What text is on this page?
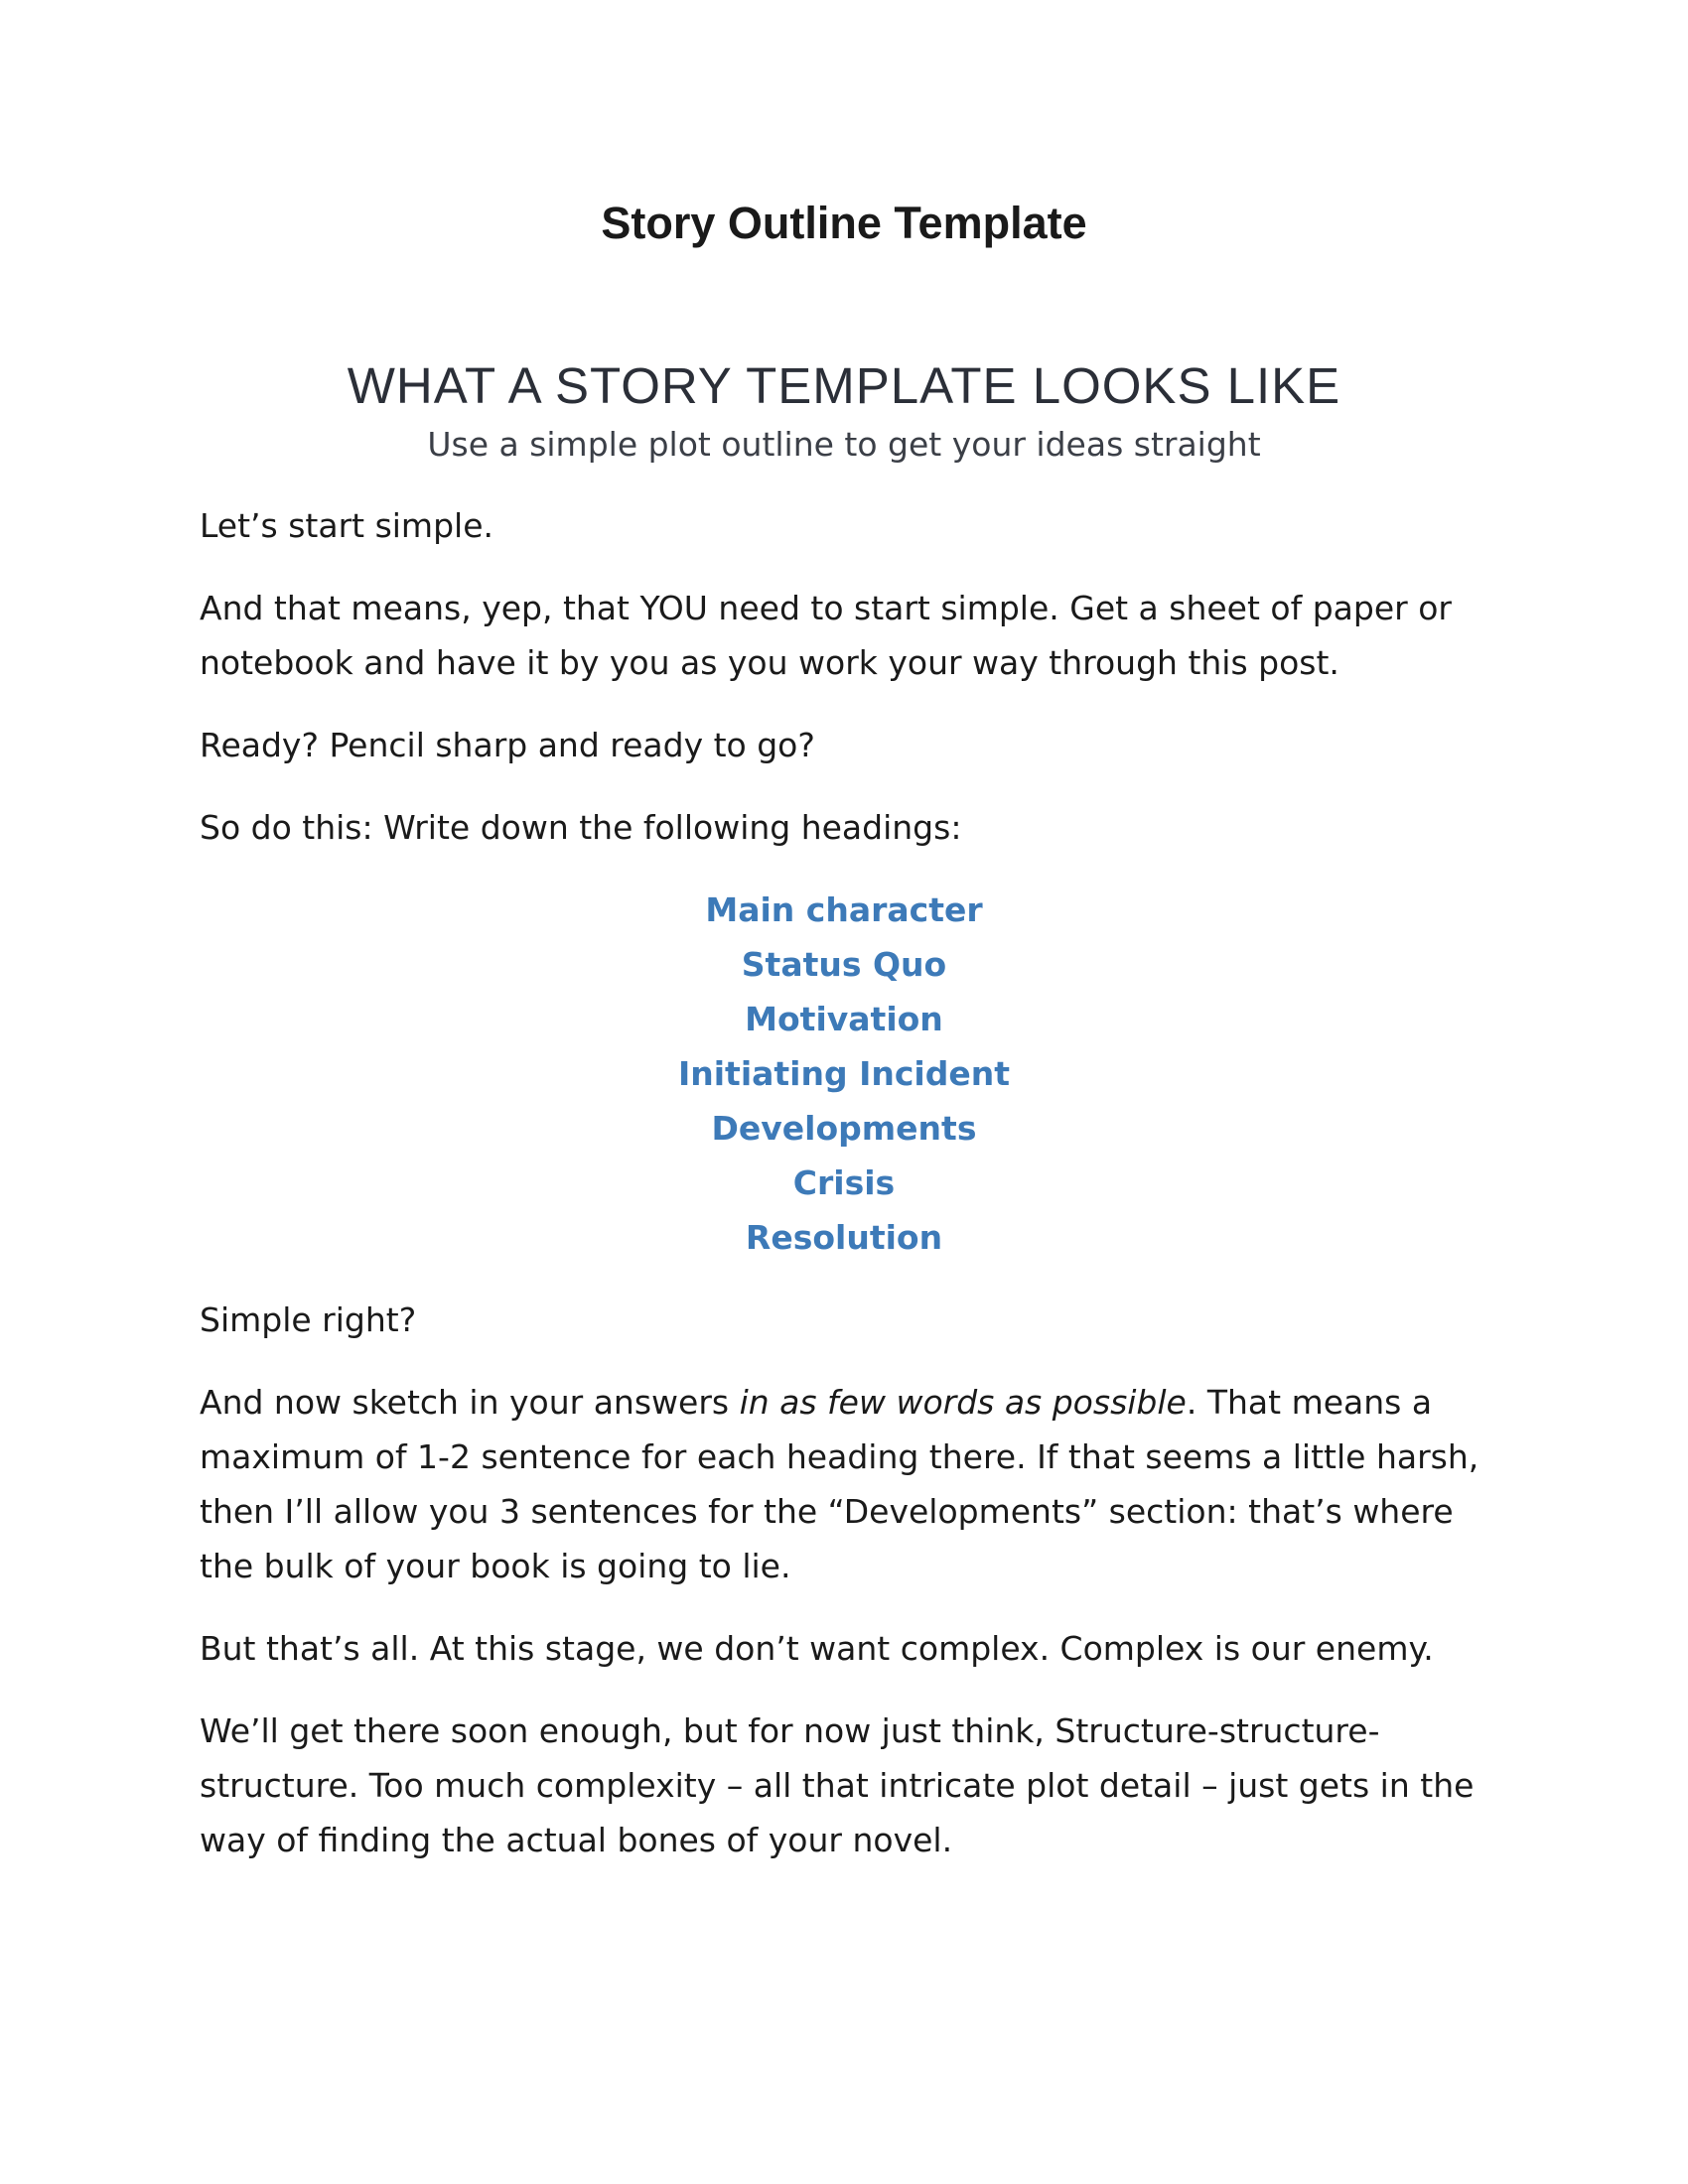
Story Outline Template
WHAT A STORY TEMPLATE LOOKS LIKE

Use a simple plot outline to get your ideas straight

Let’s start simple.

And that means, yep, that YOU need to start simple. Get a sheet of paper or notebook and have it by you as you work your way through this post.

Ready? Pencil sharp and ready to go?

So do this: Write down the following headings:

Main character
Status Quo
Motivation
Initiating Incident
Developments
Crisis
Resolution

Simple right?

And now sketch in your answers in as few words as possible. That means a maximum of 1-2 sentence for each heading there. If that seems a little harsh, then I’ll allow you 3 sentences for the “Developments” section: that’s where the bulk of your book is going to lie.

But that’s all. At this stage, we don’t want complex. Complex is our enemy.

We’ll get there soon enough, but for now just think, Structure-structure-structure. Too much complexity – all that intricate plot detail – just gets in the way of finding the actual bones of your novel.
